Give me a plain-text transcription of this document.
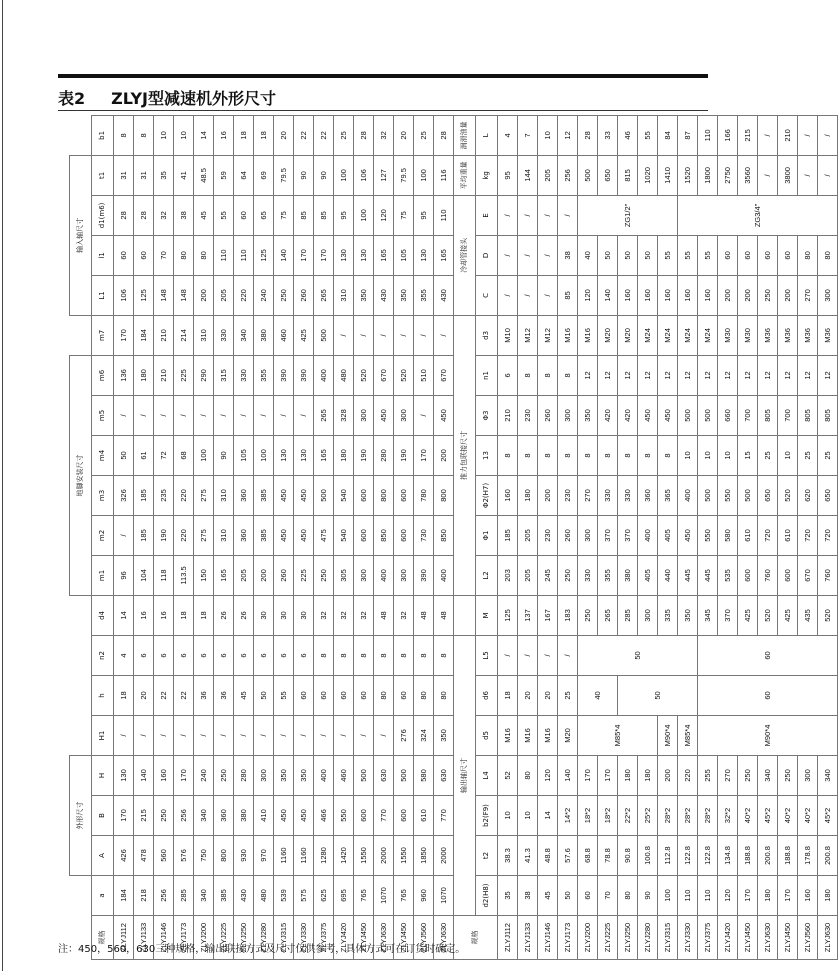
表2 ZLYJ型减速机外形尺寸
		外形尺寸							地脚安装尺寸							输入轴尺寸				
规格	a	A	B	H	H1	h	n2	d4	m1	m2	m3	m4	m5	m6	m7	L1	l1	d1(m6)	t1	b1
ZLYJ112	184	426	170	130	/	18	4	14	96	/	326	50	/	136	170	106	60	28	31	8
ZLYJ133	218	478	215	140	/	20	6	16	104	185	185	61	/	180	184	125	60	28	31	8
ZLYJ146	256	560	250	160	/	22	6	16	118	190	235	72	/	210	210	148	70	32	35	10
ZLYJ173	285	576	256	170	/	22	6	18	113.5	220	220	68	/	225	214	148	80	38	41	10
ZLYJ200	340	750	340	240	/	36	6	18	150	275	275	100	/	290	310	200	80	45	48.5	14
ZLYJ225	385	800	360	250	/	36	6	26	165	310	310	90	/	315	330	205	110	55	59	16
ZLYJ250	430	930	380	280	/	45	6	26	205	360	360	105	/	330	340	220	110	60	64	18
ZLYJ280	480	970	410	300	/	50	6	30	200	385	385	100	/	355	380	240	125	65	69	18
ZLYJ315	539	1160	450	350	/	55	6	30	260	450	450	130	/	390	460	250	140	75	79.5	20
ZLYJ330	575	1160	450	350	/	60	6	30	225	450	450	130	/	390	425	260	170	85	90	22
ZLYJ375	625	1280	466	400	/	60	8	32	250	475	500	165	265	400	500	265	170	85	90	22
ZLYJ420	695	1420	550	460	/	60	8	32	305	540	540	180	328	480	/	310	130	95	100	25
ZLYJ450	765	1550	600	500	/	60	8	32	300	600	600	190	300	520	/	350	130	100	106	28
ZLYJ630	1070	2000	770	630	/	80	8	48	400	850	800	280	450	670	/	430	165	120	127	32
ZLYJ450	765	1550	600	500	276	60	8	32	300	600	600	190	300	520	/	350	105	75	79.5	20
ZLYJ560	960	1850	610	580	324	80	8	48	390	730	780	170	/	510	/	355	130	95	100	25
ZLYJ630	1070	2000	770	630	350	80	8	48	400	850	800	200	450	670	/	430	165	110	116	28
规格	输出轴尺寸								推力包联接尺寸							冷却管接头			平均重量	润滑油量
	d2(H8)	t2	b2(F9)	L4	d5	d6	L5	M	L2	Φ1	Φ2(H7)	13	Φ3	n1	d3	C	D	E	kg	L
ZLYJ112	35	38.3	10	52	M16	18	/	125	203	185	160	8	210	6	M10	/	/	/	95	4
ZLYJ133	38	41.3	10	80	M16	20	/	137	205	205	180	8	230	8	M12	/	/	/	144	7
ZLYJ146	45	48.8	14	120	M16	20	/	167	245	230	200	8	260	8	M12	/	/	/	205	10
ZLYJ173	50	57.6	14*2	140	M20	25	/	183	250	260	230	8	300	8	M16	85	38	/	256	12
ZLYJ200	60	68.8	18*2	170	M85*4	40	50	250	330	300	270	8	350	12	M16	120	40	ZG1/2"	500	28
ZLYJ225	70	78.8	18*2	170				265	355	370	330	8	420	12	M20	140	50		650	33
ZLYJ250	80	90.8	22*2	180		50		285	380	370	330	8	420	12	M20	160	50		815	46
ZLYJ280	90	100.8	25*2	180				300	405	400	360	8	450	12	M24	160	50		1020	55
ZLYJ315	100	112.8	28*2	200	M90*4			335	440	405	365	8	450	12	M24	160	55		1410	84
ZLYJ330	110	122.8	28*2	220	M85*4			350	445	450	400	10	500	12	M24	160	55	ZG3/4"	1520	87
ZLYJ375	110	122.8	28*2	255	M90*4	60	60	345	445	550	500	10	500	12	M24	160	55		1800	110
ZLYJ420	120	134.8	32*2	270				370	535	580	550	10	660	12	M30	200	60		2750	166
ZLYJ450	170	188.8	40*2	250				425	600	610	500	15	700	12	M30	200	60		3560	215
ZLYJ630	180	200.8	45*2	340				520	760	720	650	25	805	12	M36	250	60		/	/
ZLYJ450	170	188.8	40*2	250				425	600	610	520	10	700	12	M36	200	60		3800	210
ZLYJ560	160	178.8	40*2	300				435	670	720	620	25	805	12	M36	270	80		/	/
ZLYJ630	180	200.8	45*2	340				520	760	720	650	25	805	12	M36	300	80		/	/
注：450，560，630三种规格，输出联接方式及尺寸仅供参考，具体方式可在订货时确定。
